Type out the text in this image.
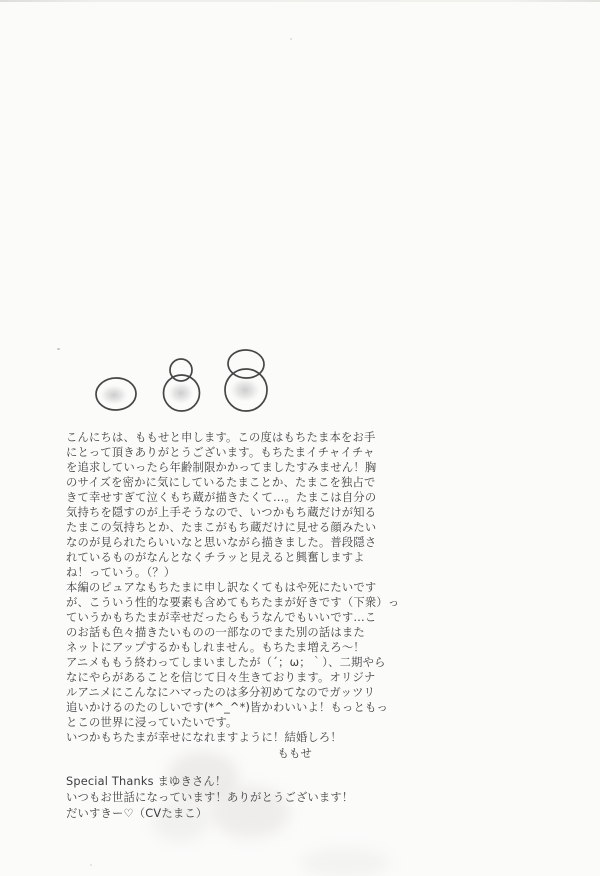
こんにちは、ももせと申します。この度はもちたま本をお手
にとって頂きありがとうございます。もちたまイチャイチャ
を追求していったら年齢制限かかってましたすみません！胸
のサイズを密かに気にしているたまことか、たまこを独占で
きて幸せすぎて泣くもち蔵が描きたくて…。たまこは自分の
気持ちを隠すのが上手そうなので、いつかもち蔵だけが知る
たまこの気持ちとか、たまこがもち蔵だけに見せる顔みたい
なのが見られたらいいなと思いながら描きました。普段隠さ
れているものがなんとなくチラッと見えると興奮しますよ
ね！っていう。（？）
本編のピュアなもちたまに申し訳なくてもはや死にたいです
が、こういう性的な要素も含めてもちたまが好きです（下衆）っ
ていうかもちたまが幸せだったらもうなんでもいいです…こ
のお話も色々描きたいものの一部なのでまた別の話はまた
ネットにアップするかもしれません。もちたま増えろ～！
アニメももう終わってしまいましたが（´；ω；｀）、二期やら
なにやらがあることを信じて日々生きております。オリジナ
ルアニメにこんなにハマったのは多分初めてなのでガッツリ
追いかけるのたのしいです(*^_^*)皆かわいいよ！もっともっ
とこの世界に浸っていたいです。
いつかもちたまが幸せになれますように！結婚しろ！
ももせ
Special Thanks まゆきさん！
いつもお世話になっています！ありがとうございます！
だいすきー♡（CVたまこ）
